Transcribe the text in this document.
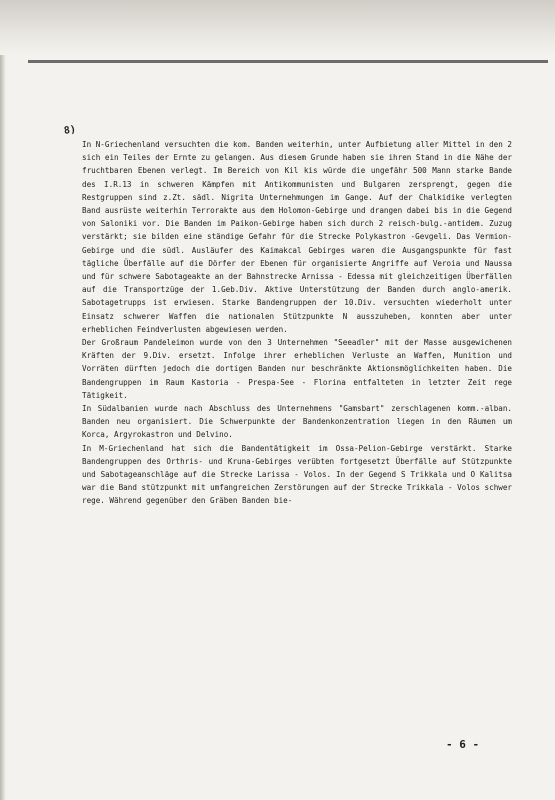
8)

In N-Griechenland versuchten die kom. Banden weiterhin, unter Aufbietung aller Mittel in den 2 sich ein Teiles der Ernte zu gelangen. Aus diesem Grunde haben sie ihren Stand in die Nähe der fruchtbaren Ebenen verlegt. Im Bereich von Kil kis würde die ungefähr 500 Mann starke Bande des I.R.13 in schweren Kämpfen mit Antikommunisten und Bulgaren zersprengt, gegen die Restgruppen sind z.Zt. sädl. Nigrita Unternehmungen im Gange. Auf der Chalkidike verlegten Band ausrüste weiterhin Terrorakte aus dem Holomon-Gebirge und drangen dabei bis in die Gegend von Saloniki vor. Die Banden im Paikon-Gebirge haben sich durch 2 reisch-bulg.-antidem. Zuzug verstärkt; sie bilden eine ständige Gefahr für die Strecke Polykastron -Gevgeli. Das Vermion-Gebirge und die südl. Ausläufer des Kaimakcal Gebirges waren die Ausgangspunkte für fast tägliche Überfälle auf die Dörfer der Ebenen für organisierte Angriffe auf Veroia und Naussa und für schwere Sabotageakte an der Bahnstrecke Arnissa - Edessa mit gleichzeitigen Überfällen auf die Transportzüge der 1.Geb.Div. Aktive Unterstützung der Banden durch anglo-amerik. Sabotagetrupps ist erwiesen. Starke Bandengruppen der 10.Div. versuchten wiederholt unter Einsatz schwerer Waffen die nationalen Stützpunkte N ausszuheben, konnten aber unter erheblichen Feindverlusten abgewiesen werden.

Der Großraum Pandeleimon wurde von den 3 Unternehmen "Seeadler" mit der Masse ausgewichenen Kräften der 9.Div. ersetzt. Infolge ihrer erheblichen Verluste an Waffen, Munition und Vorräten dürften jedoch die dortigen Banden nur beschränkte Aktionsmöglichkeiten haben. Die Bandengruppen im Raum Kastoria - Prespa-See - Florina entfalteten in letzter Zeit rege Tätigkeit.

In Südalbanien wurde nach Abschluss des Unternehmens "Gamsbart" zerschlagenen komm.-alban. Banden neu organisiert. Die Schwerpunkte der Bandenkonzentration liegen in den Räumen um Korca, Argyrokastron und Delvino.

In M-Griechenland hat sich die Bandentätigkeit im Ossa-Pelion-Gebirge verstärkt. Starke Bandengruppen des Orthris- und Kruna-Gebirges verübten fortgesetzt Überfälle auf Stützpunkte und Sabotageanschläge auf die Strecke Larissa - Volos. In der Gegend S Trikkala und O Kalitsa war die Band stützpunkt mit umfangreichen Zerstörungen auf der Strecke Trikkala - Volos schwer rege. Während gegenüber den Gräben Banden bie-

- 6 -
